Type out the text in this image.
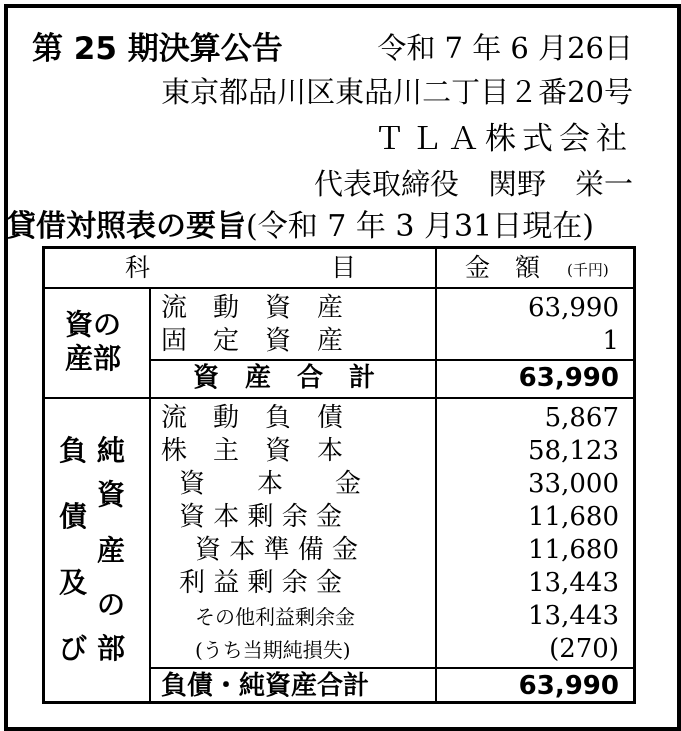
第 25 期決算公告	令和 7 年 6 月26日
東京都品川区東品川二丁目２番20号
ＴＬＡ株式会社
代表取締役　関野　栄一
貸借対照表の要旨(令和 7 年 3 月31日現在)
科	目	金　額 (千円)
資の
産部
流　動　資　産	63,990
固　定　資　産	1
資　産　合　計	63,990
負
債
及
び
純
資
産
の
部
流　動　負　債	5,867
株　主　資　本	58,123
資　　本　　金	33,000
資 本 剰 余 金	11,680
資 本 準 備 金	11,680
利 益 剰 余 金	13,443
その他利益剰余金	13,443
(うち当期純損失)	(270)
負債・純資産合計	63,990
